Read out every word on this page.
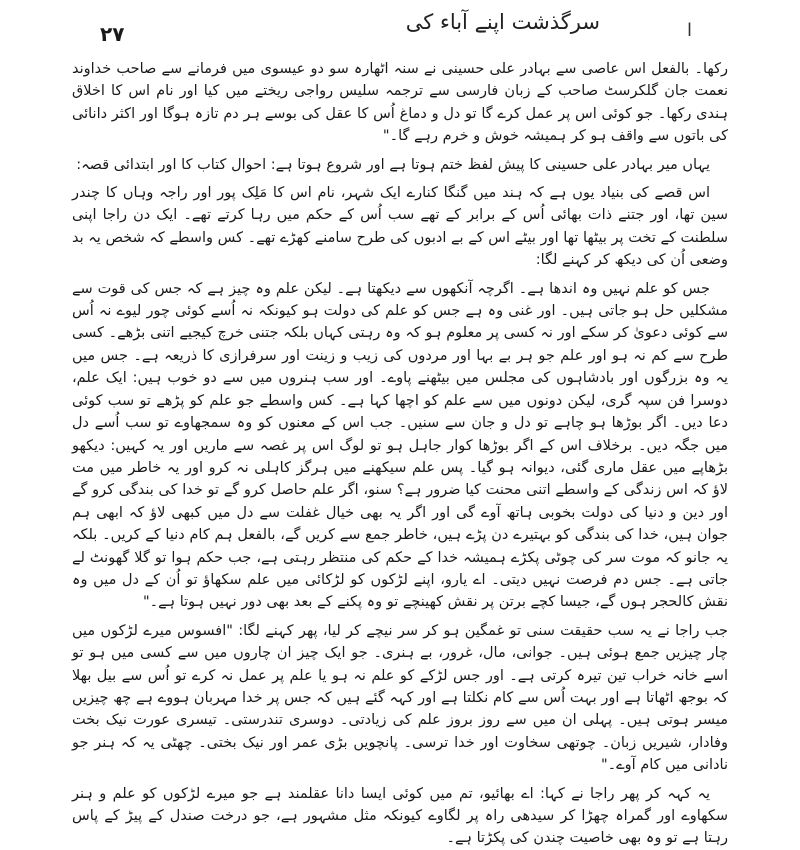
۲۷	سرگذشت اپنے آباء کی	ا

رکھا۔ بالفعل اس عاصی سے بہادر علی حسینی نے سنہ اٹھارہ سو دو عیسوی میں فرمانے سے صاحب خداوند نعمت جان گلکرسٹ صاحب کے زبان فارسی سے ترجمہ سلیس رواجی ریختے میں کیا اور نام اس کا اخلاق ہندی رکھا۔ جو کوئی اس پر عمل کرے گا تو دل و دماغ اُس کا عقل کی بوسے ہر دم تازہ ہوگا اور اکثر دانائی کی باتوں سے واقف ہو کر ہمیشہ خوش و خرم رہے گا۔"

یہاں میر بہادر علی حسینی کا پیش لفظ ختم ہوتا ہے اور شروع ہوتا ہے: احوال کتاب کا اور ابتدائی قصہ:

اس قصے کی بنیاد یوں ہے کہ ہند میں گنگا کنارے ایک شہر، نام اس کا مَلِک پور اور راجہ وہاں کا چندر سین تھا، اور جتنے ذات بھائی اُس کے برابر کے تھے سب اُس کے حکم میں رہا کرتے تھے۔ ایک دن راجا اپنی سلطنت کے تخت پر بیٹھا تھا اور بیٹے اس کے بے ادبوں کی طرح سامنے کھڑے تھے۔ کس واسطے کہ شخص یہ بد وضعی اُن کی دیکھ کر کہنے لگا:

جس کو علم نہیں وہ اندھا ہے۔ اگرچہ آنکھوں سے دیکھتا ہے۔ لیکن علم وہ چیز ہے کہ جس کی قوت سے مشکلیں حل ہو جاتی ہیں۔ اور غنی وہ ہے جس کو علم کی دولت ہو کیونکہ نہ اُسے کوئی چور لیوے نہ اُس سے کوئی دعویٰ کر سکے اور نہ کسی پر معلوم ہو کہ وہ رہتی کہاں بلکہ جتنی خرچ کیجیے اتنی بڑھے۔ کسی طرح سے کم نہ ہو اور علم جو ہر بے بہا اور مردوں کی زیب و زینت اور سرفرازی کا ذریعہ ہے۔ جس میں یہ وہ بزرگوں اور بادشاہوں کی مجلس میں بیٹھنے پاوے۔ اور سب ہنروں میں سے دو خوب ہیں: ایک علم، دوسرا فن سپہ گری، لیکن دونوں میں سے علم کو اچھا کہا ہے۔ کس واسطے جو علم کو پڑھے تو سب کوئی دعا دیں۔ اگر بوڑھا ہو چاہے تو دل و جان سے سنیں۔ جب اس کے معنوں کو وہ سمجھاوے تو سب اُسے دل میں جگہ دیں۔ برخلاف اس کے اگر بوڑھا کوار جاہل ہو تو لوگ اس پر غصہ سے ماریں اور یہ کہیں: دیکھو بڑھاپے میں عقل ماری گئی، دیوانہ ہو گیا۔ پس علم سیکھنے میں ہرگز کاہلی نہ کرو اور یہ خاطر میں مت لاؤ کہ اس زندگی کے واسطے اتنی محنت کیا ضرور ہے؟ سنو، اگر علم حاصل کرو گے تو خدا کی بندگی کرو گے اور دین و دنیا کی دولت بخوبی ہاتھ آوے گی اور اگر یہ بھی خیال غفلت سے دل میں کبھی لاؤ کہ ابھی ہم جوان ہیں، خدا کی بندگی کو بہتیرے دن پڑے ہیں، خاطر جمع سے کریں گے، بالفعل ہم کام دنیا کے کریں۔ بلکہ یہ جانو کہ موت سر کی چوٹی پکڑے ہمیشہ خدا کے حکم کی منتظر رہتی ہے، جب حکم ہوا تو گلا گھونٹ لے جاتی ہے۔ جس دم فرصت نہیں دیتی۔ اے یارو، اپنے لڑکوں کو لڑکائی میں علم سکھاؤ تو اُن کے دل میں وہ نقش کالحجر ہوں گے، جیسا کچے برتن پر نقش کھینچے تو وہ پکنے کے بعد بھی دور نہیں ہوتا ہے۔"

جب راجا نے یہ سب حقیقت سنی تو غمگین ہو کر سر نیچے کر لیا، پھر کہنے لگا: "افسوس میرے لڑکوں میں چار چیزیں جمع ہوئی ہیں۔ جوانی، مال، غرور، بے ہنری۔ جو ایک چیز ان چاروں میں سے کسی میں ہو تو اسے خانہ خراب تین تیرہ کرتی ہے۔ اور جس لڑکے کو علم نہ ہو یا علم پر عمل نہ کرے تو اُس سے بیل بھلا کہ بوجھ اٹھاتا ہے اور بہت اُس سے کام نکلتا ہے اور کہہ گئے ہیں کہ جس پر خدا مہربان ہووے ہے چھ چیزیں میسر ہوتی ہیں۔ پہلی ان میں سے روز بروز علم کی زیادتی۔ دوسری تندرستی۔ تیسری عورت نیک بخت وفادار، شیریں زبان۔ چوتھی سخاوت اور خدا ترسی۔ پانچویں بڑی عمر اور نیک بختی۔ چھٹی یہ کہ ہنر جو نادانی میں کام آوے۔"

یہ کہہ کر پھر راجا نے کہا: اے بھائیو، تم میں کوئی ایسا دانا عقلمند ہے جو میرے لڑکوں کو علم و ہنر سکھاوے اور گمراہ چھڑا کر سیدھی راہ پر لگاوے کیونکہ مثل مشہور ہے، جو درخت صندل کے پیڑ کے پاس رہتا ہے تو وہ بھی خاصیت چندن کی پکڑتا ہے۔
